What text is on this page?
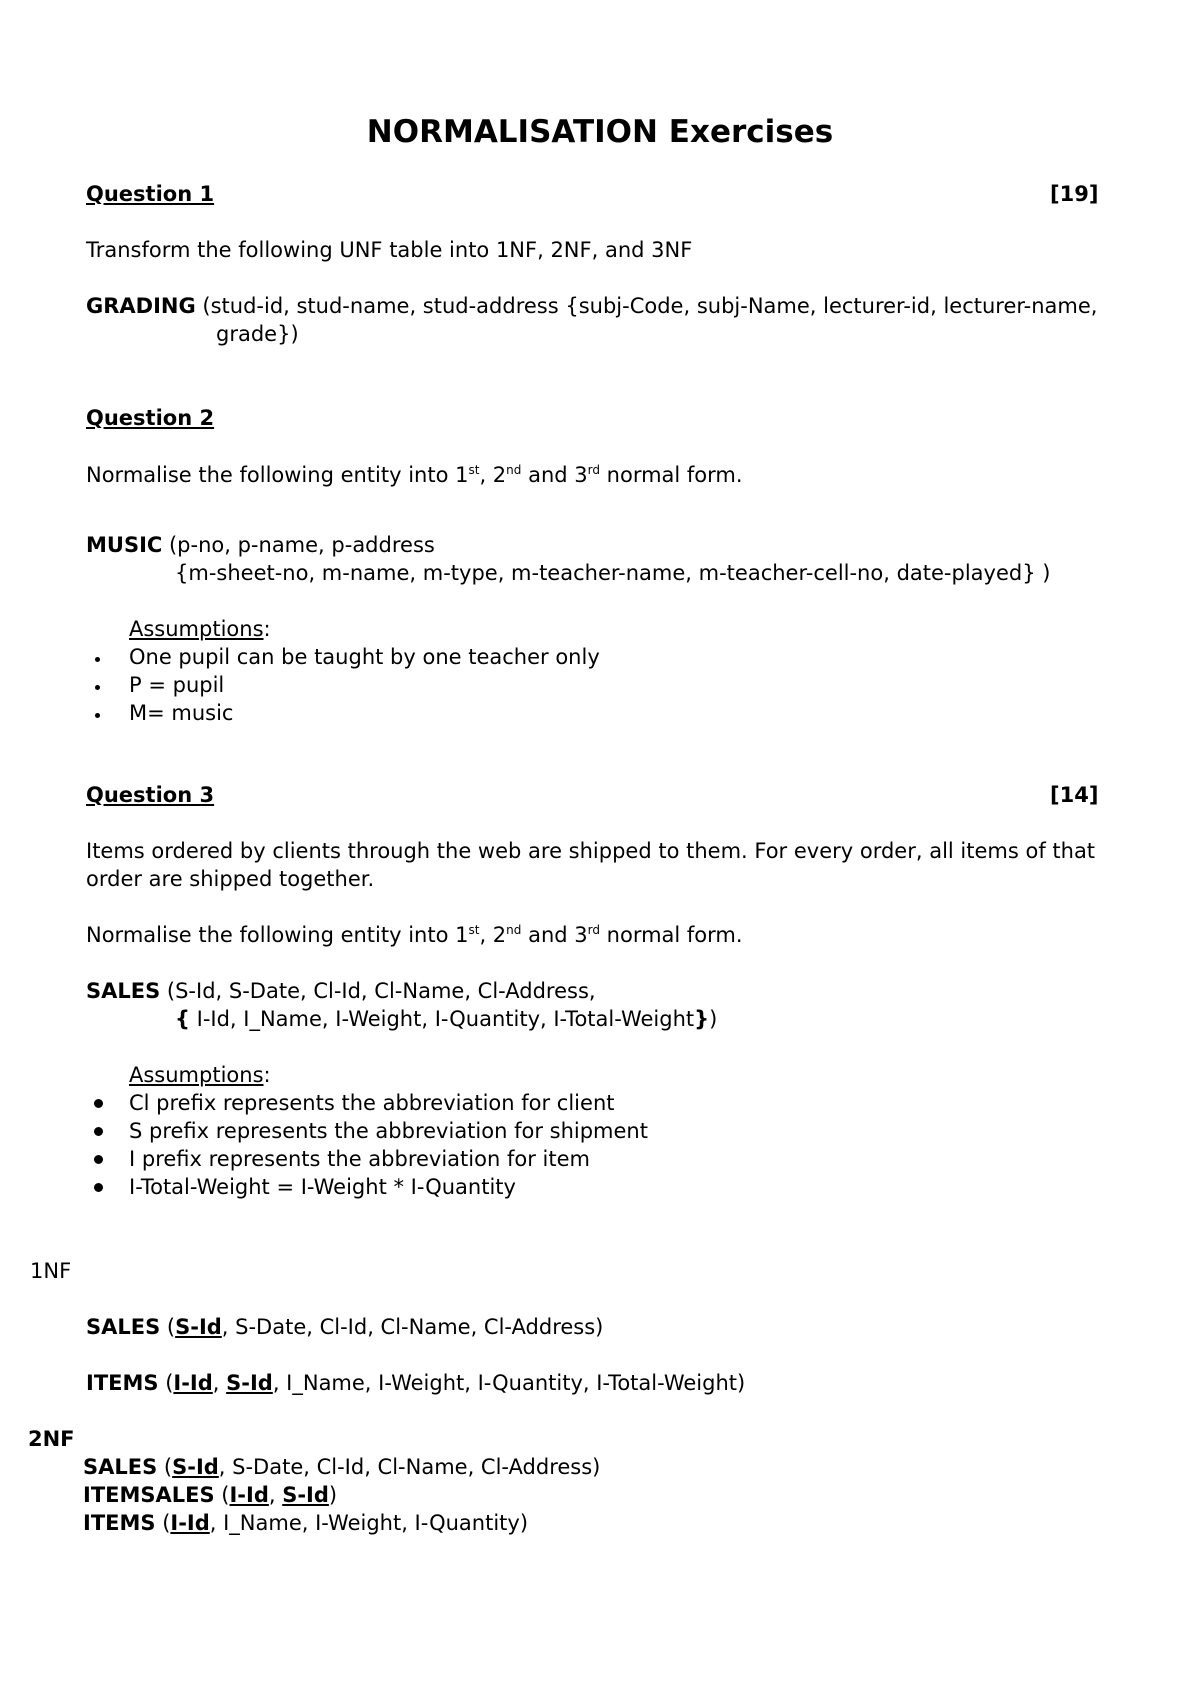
NORMALISATION Exercises
Question 1	[19]
Transform the following UNF table into 1NF, 2NF, and 3NF
GRADING (stud-id, stud-name, stud-address {subj-Code, subj-Name, lecturer-id, lecturer-name,
grade})
Question 2
Normalise the following entity into 1st, 2nd and 3rd normal form.
MUSIC (p-no, p-name, p-address
{m-sheet-no, m-name, m-type, m-teacher-name, m-teacher-cell-no, date-played} )
Assumptions:
One pupil can be taught by one teacher only
P = pupil
M= music
Question 3	[14]
Items ordered by clients through the web are shipped to them. For every order, all items of that
order are shipped together.
Normalise the following entity into 1st, 2nd and 3rd normal form.
SALES (S-Id, S-Date, Cl-Id, Cl-Name, Cl-Address,
{ I-Id, I_Name, I-Weight, I-Quantity, I-Total-Weight})
Assumptions:
Cl prefix represents the abbreviation for client
S prefix represents the abbreviation for shipment
I prefix represents the abbreviation for item
I-Total-Weight = I-Weight * I-Quantity
1NF
SALES (S-Id, S-Date, Cl-Id, Cl-Name, Cl-Address)
ITEMS (I-Id, S-Id, I_Name, I-Weight, I-Quantity, I-Total-Weight)
2NF
SALES (S-Id, S-Date, Cl-Id, Cl-Name, Cl-Address)
ITEMSALES (I-Id, S-Id)
ITEMS (I-Id, I_Name, I-Weight, I-Quantity)
